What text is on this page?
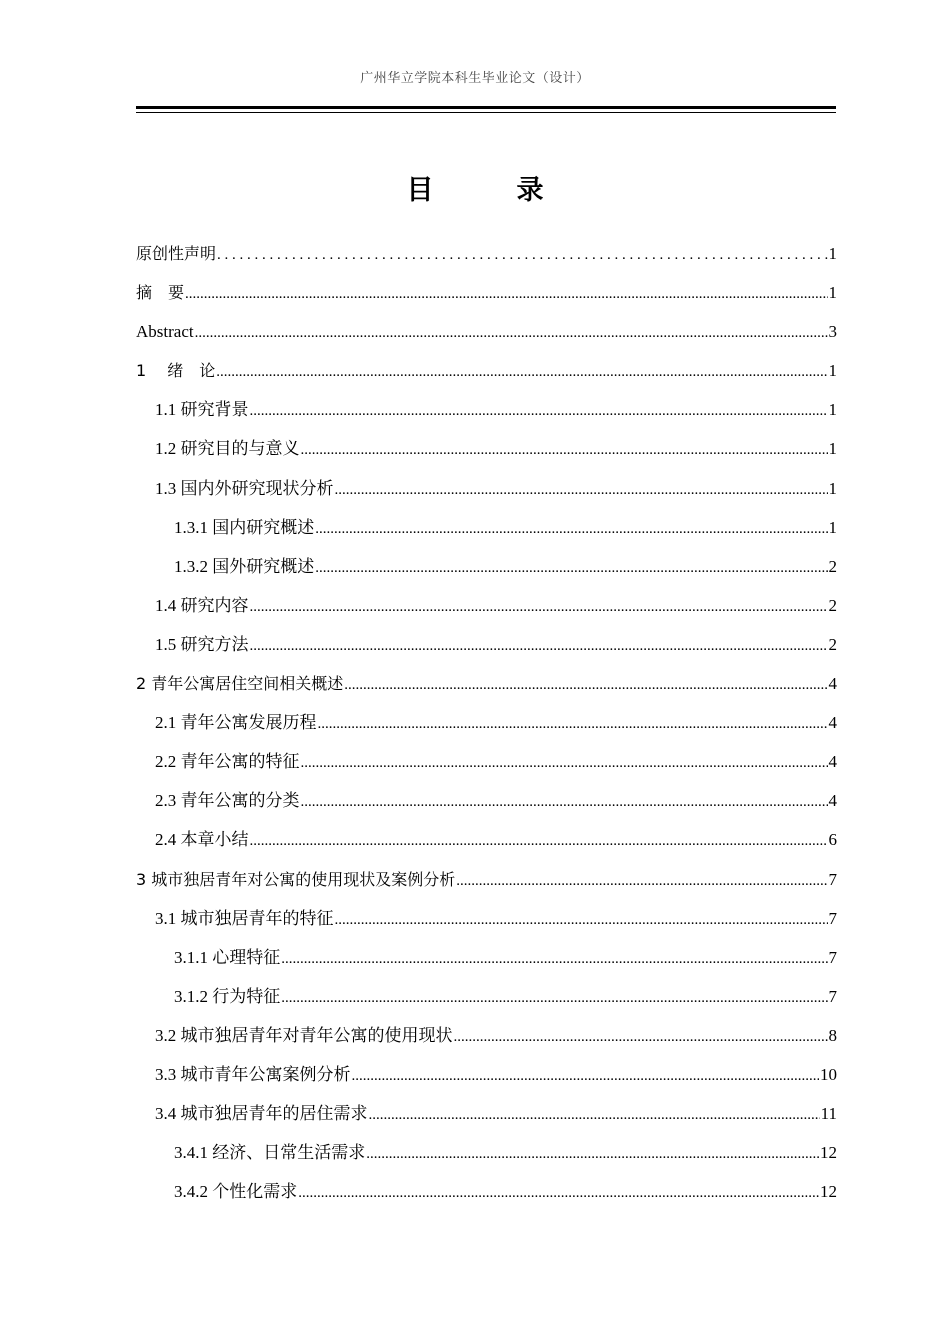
广州华立学院本科生毕业论文（设计）
目　录
原创性声明 . . .	1
摘　要 .....	1
Abstract .....	3
1　 绪　论 .....	1
1.1 研究背景 .....	1
1.2 研究目的与意义 .....	1
1.3 国内外研究现状分析 .....	1
1.3.1 国内研究概述 .....	1
1.3.2 国外研究概述 .....	2
1.4 研究内容 .....	2
1.5 研究方法 .....	2
2 青年公寓居住空间相关概述 .....	4
2.1 青年公寓发展历程 .....	4
2.2 青年公寓的特征 .....	4
2.3 青年公寓的分类 .....	4
2.4 本章小结 .....	6
3 城市独居青年对公寓的使用现状及案例分析 .....	7
3.1 城市独居青年的特征 .....	7
3.1.1 心理特征 .....	7
3.1.2 行为特征 .....	7
3.2 城市独居青年对青年公寓的使用现状 .....	8
3.3 城市青年公寓案例分析 .....	10
3.4 城市独居青年的居住需求 .....	11
3.4.1 经济、日常生活需求 .....	12
3.4.2 个性化需求 .....	12
